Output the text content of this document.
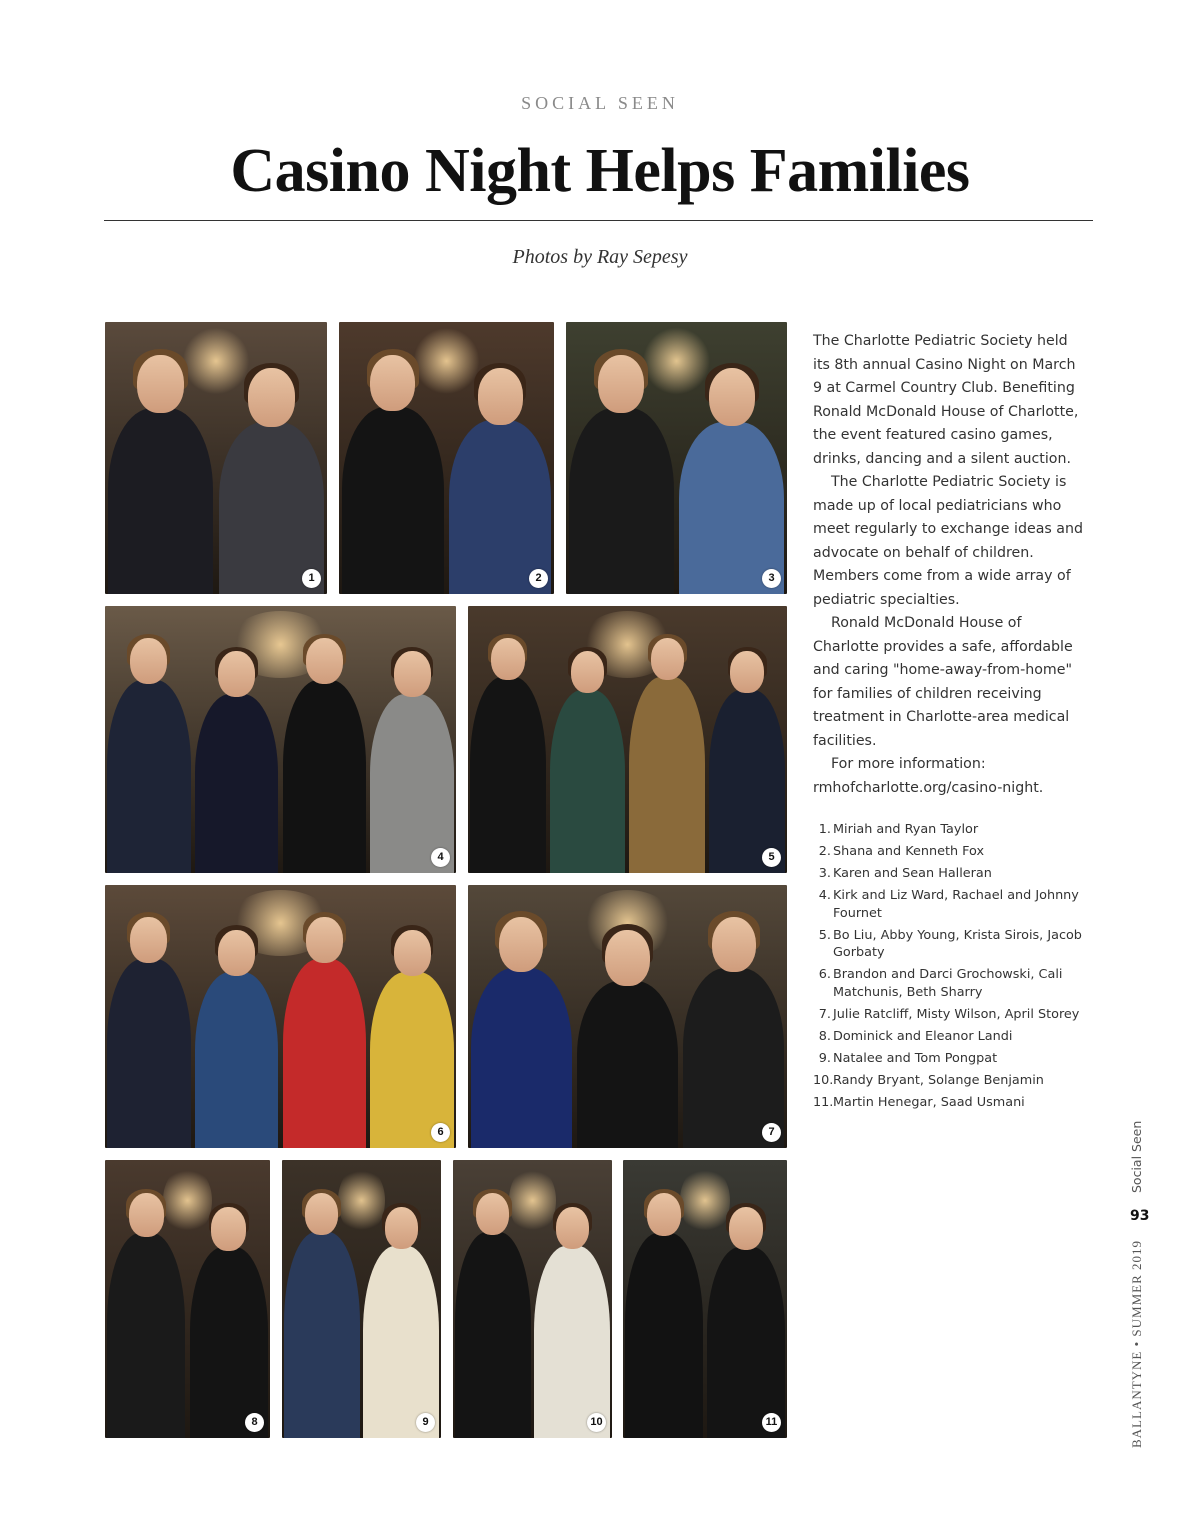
SOCIAL SEEN
Casino Night Helps Families
Photos by Ray Sepesy
1	2	3
4	5
6	7
8	9	10	11

The Charlotte Pediatric Society held its 8th annual Casino Night on March 9 at Carmel Country Club. Benefiting Ronald McDonald House of Charlotte, the event featured casino games, drinks, dancing and a silent auction.

The Charlotte Pediatric Society is made up of local pediatricians who meet regularly to exchange ideas and advocate on behalf of children. Members come from a wide array of pediatric specialties.

Ronald McDonald House of Charlotte provides a safe, affordable and caring "home-away-from-home" for families of children receiving treatment in Charlotte-area medical facilities.

For more information: rmhofcharlotte.org/casino-night.

1. Miriah and Ryan Taylor
2. Shana and Kenneth Fox
3. Karen and Sean Halleran
4. Kirk and Liz Ward, Rachael and Johnny Fournet
5. Bo Liu, Abby Young, Krista Sirois, Jacob Gorbaty
6. Brandon and Darci Grochowski, Cali Matchunis, Beth Sharry
7. Julie Ratcliff, Misty Wilson, April Storey
8. Dominick and Eleanor Landi
9. Natalee and Tom Pongpat
10. Randy Bryant, Solange Benjamin
11. Martin Henegar, Saad Usmani
Social Seen
93
BALLANTYNE • SUMMER 2019
